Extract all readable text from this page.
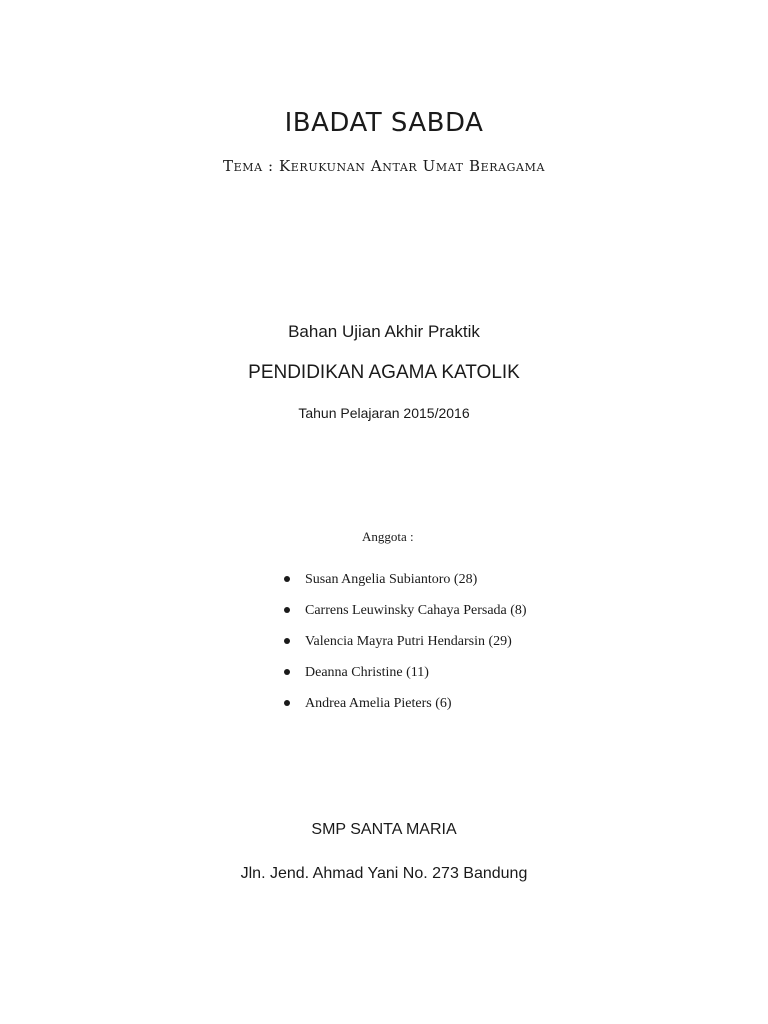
IBADAT SABDA

Tema : Kerukunan Antar Umat Beragama

Bahan Ujian Akhir Praktik

PENDIDIKAN AGAMA KATOLIK

Tahun Pelajaran 2015/2016

Anggota :
Susan Angelia Subiantoro (28)
Carrens Leuwinsky Cahaya Persada (8)
Valencia Mayra Putri Hendarsin (29)
Deanna Christine (11)
Andrea Amelia Pieters (6)

SMP SANTA MARIA

Jln. Jend. Ahmad Yani No. 273 Bandung
